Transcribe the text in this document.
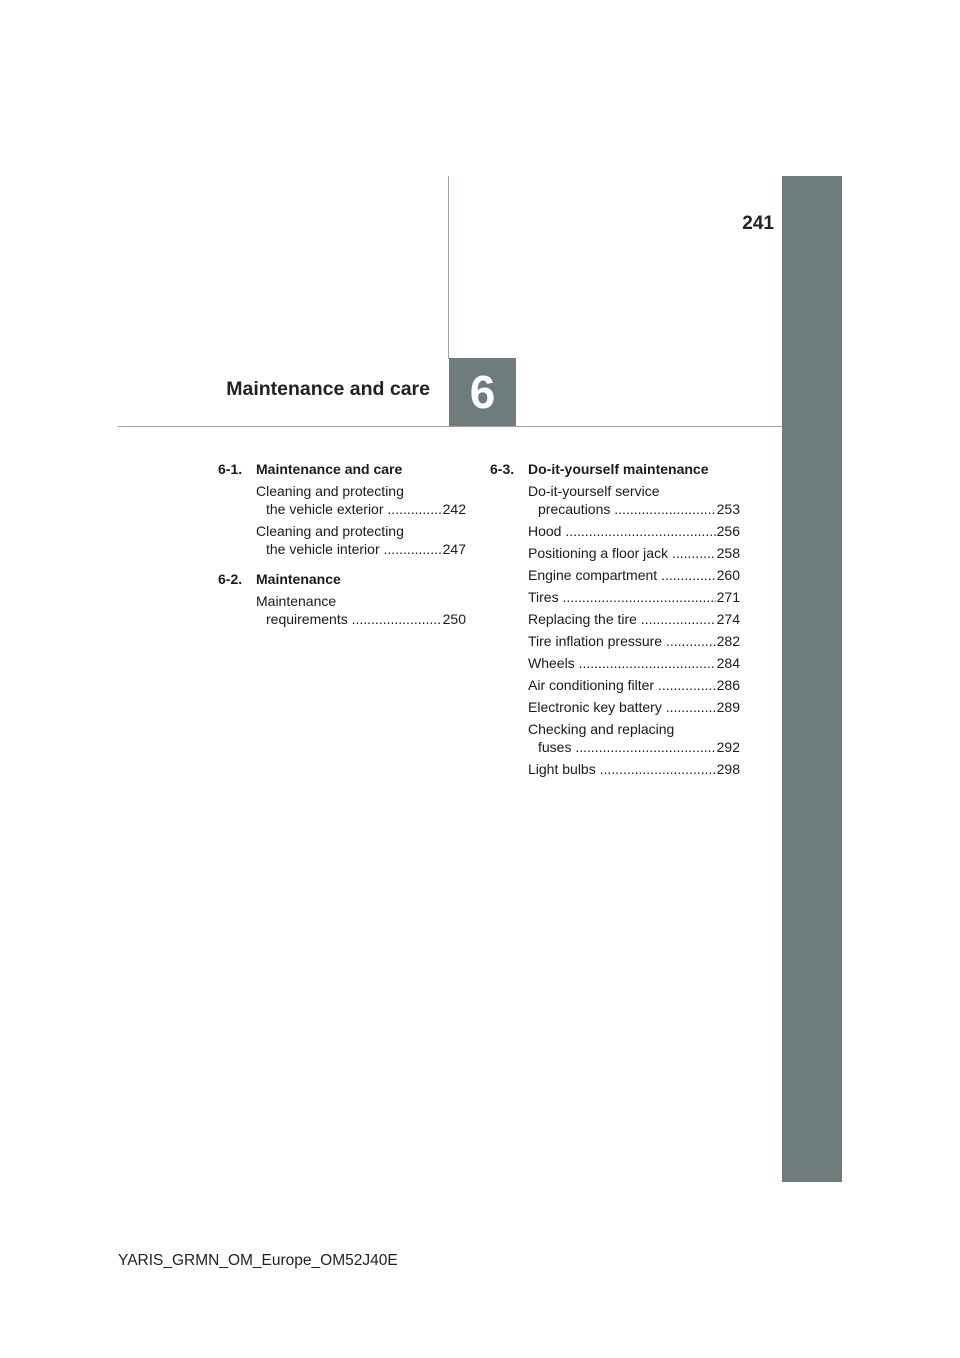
241
Maintenance and care 6
6-1. Maintenance and care
Cleaning and protecting
the vehicle exterior .....	242
Cleaning and protecting
the vehicle interior .....	247
6-2. Maintenance
Maintenance
requirements .....	250
6-3. Do-it-yourself maintenance
Do-it-yourself service
precautions .....	253
Hood .....	256
Positioning a floor jack .....	258
Engine compartment .....	260
Tires .....	271
Replacing the tire .....	274
Tire inflation pressure .....	282
Wheels .....	284
Air conditioning filter .....	286
Electronic key battery .....	289
Checking and replacing
fuses .....	292
Light bulbs .....	298
YARIS_GRMN_OM_Europe_OM52J40E
